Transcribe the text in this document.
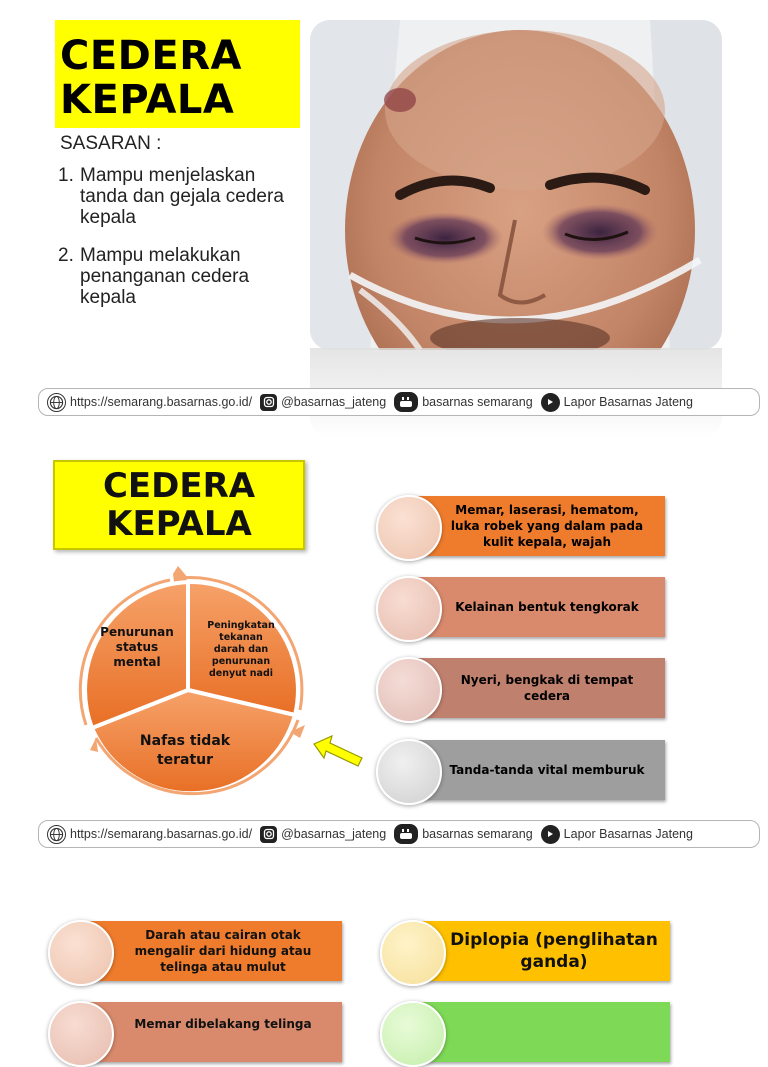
CEDERA
KEPALA
SASARAN :
1. Mampu menjelaskan tanda dan gejala cedera kepala
2. Mampu melakukan penanganan cedera kepala
https://semarang.basarnas.go.id/ @basarnas_jateng	basarnas semarang Lapor Basarnas Jateng
CEDERA
KEPALA
Penurunan status mental
Peningkatan tekanan darah dan penurunan denyut nadi
Nafas tidak teratur
Memar, laserasi, hematom, luka robek yang dalam pada kulit kepala, wajah
Kelainan bentuk tengkorak
Nyeri, bengkak di tempat cedera
Tanda-tanda vital memburuk
https://semarang.basarnas.go.id/ @basarnas_jateng	basarnas semarang Lapor Basarnas Jateng
Darah atau cairan otak mengalir dari hidung atau telinga atau mulut
Memar dibelakang telinga
Diplopia (penglihatan ganda)
